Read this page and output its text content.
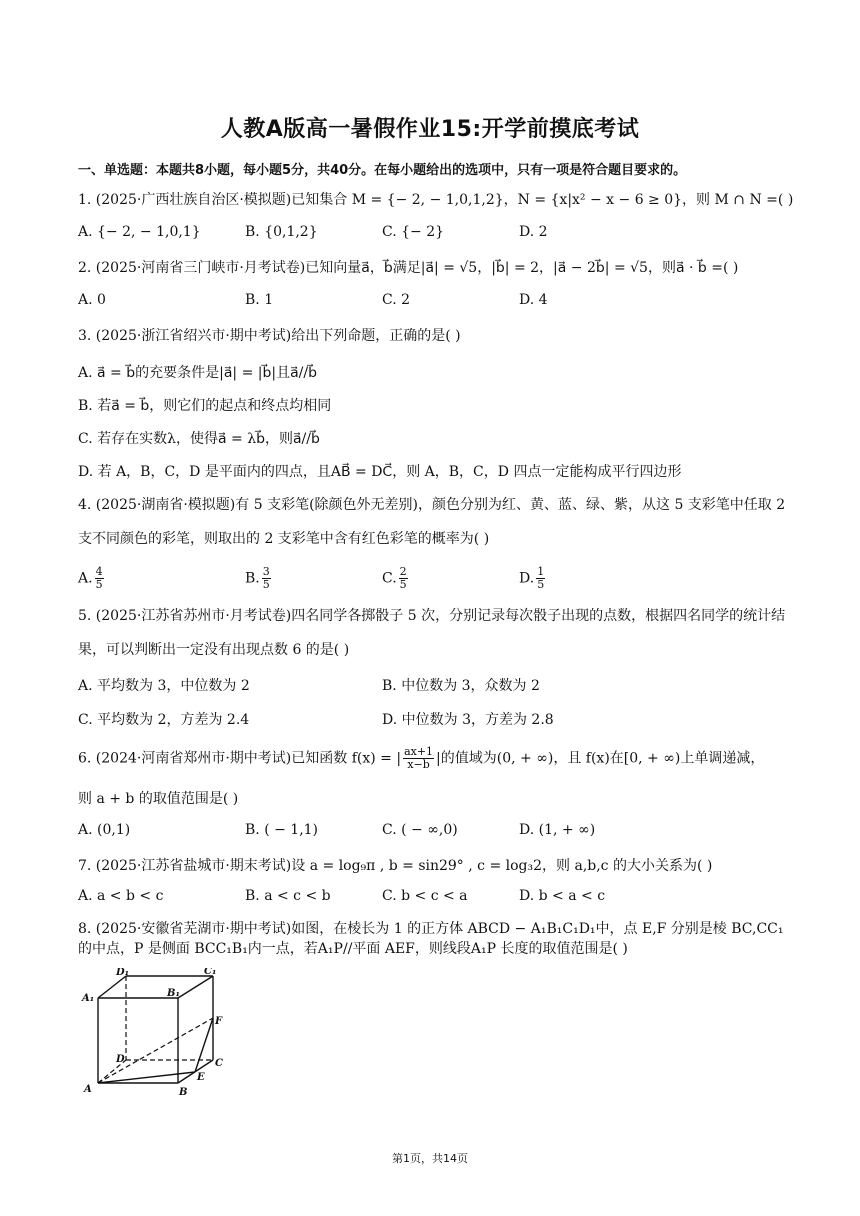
人教A版高一暑假作业15:开学前摸底考试
一、单选题：本题共8小题，每小题5分，共40分。在每小题给出的选项中，只有一项是符合题目要求的。
1. (2025·广西壮族自治区·模拟题)已知集合 M = {− 2, − 1,0,1,2}，N = {x|x² − x − 6 ≥ 0}，则 M ∩ N =( )
A. {− 2, − 1,0,1}	B. {0,1,2}	C. {− 2}	D. 2
2. (2025·河南省三门峡市·月考试卷)已知向量a⃗，b⃗满足|a⃗| = √5，|b⃗| = 2，|a⃗ − 2b⃗| = √5，则a⃗ · b⃗ =( )
A. 0	B. 1	C. 2	D. 4
3. (2025·浙江省绍兴市·期中考试)给出下列命题，正确的是( )
A. a⃗ = b⃗的充要条件是|a⃗| = |b⃗|且a⃗//b⃗
B. 若a⃗ = b⃗，则它们的起点和终点均相同
C. 若存在实数λ，使得a⃗ = λb⃗，则a⃗//b⃗
D. 若 A，B，C，D 是平面内的四点，且AB⃗ = DC⃗，则 A，B，C，D 四点一定能构成平行四边形
4. (2025·湖南省·模拟题)有 5 支彩笔(除颜色外无差别)，颜色分别为红、黄、蓝、绿、紫，从这 5 支彩笔中任取 2 支不同颜色的彩笔，则取出的 2 支彩笔中含有红色彩笔的概率为( )
A. $\frac{4}{5}$	B. $\frac{3}{5}$	C. $\frac{2}{5}$	D. $\frac{1}{5}$
5. (2025·江苏省苏州市·月考试卷)四名同学各掷骰子 5 次，分别记录每次骰子出现的点数，根据四名同学的统计结果，可以判断出一定没有出现点数 6 的是( )
A. 平均数为 3，中位数为 2	B. 中位数为 3，众数为 2
C. 平均数为 2，方差为 2.4	D. 中位数为 3，方差为 2.8
6. (2024·河南省郑州市·期中考试)已知函数 f(x) = | $\frac{ax+1}{x-b}$ |的值域为(0, + ∞)，且 f(x)在[0, + ∞)上单调递减，
则 a + b 的取值范围是( )
A. (0,1)	B. ( − 1,1)	C. ( − ∞,0)	D. (1, + ∞)
7. (2025·江苏省盐城市·期末考试)设 a = log₉π , b = sin29° , c = log₃2，则 a,b,c 的大小关系为( )
A. a < b < c	B. a < c < b	C. b < c < a	D. b < a < c
8. (2025·安徽省芜湖市·期中考试)如图，在棱长为 1 的正方体 ABCD − A₁B₁C₁D₁中，点 E,F 分别是棱 BC,CC₁的中点，P 是侧面 BCC₁B₁内一点，若A₁P//平面 AEF，则线段A₁P 长度的取值范围是( )
D₁	C₁
A₁	B₁
F
D	C
E
A	B
第1页，共14页
